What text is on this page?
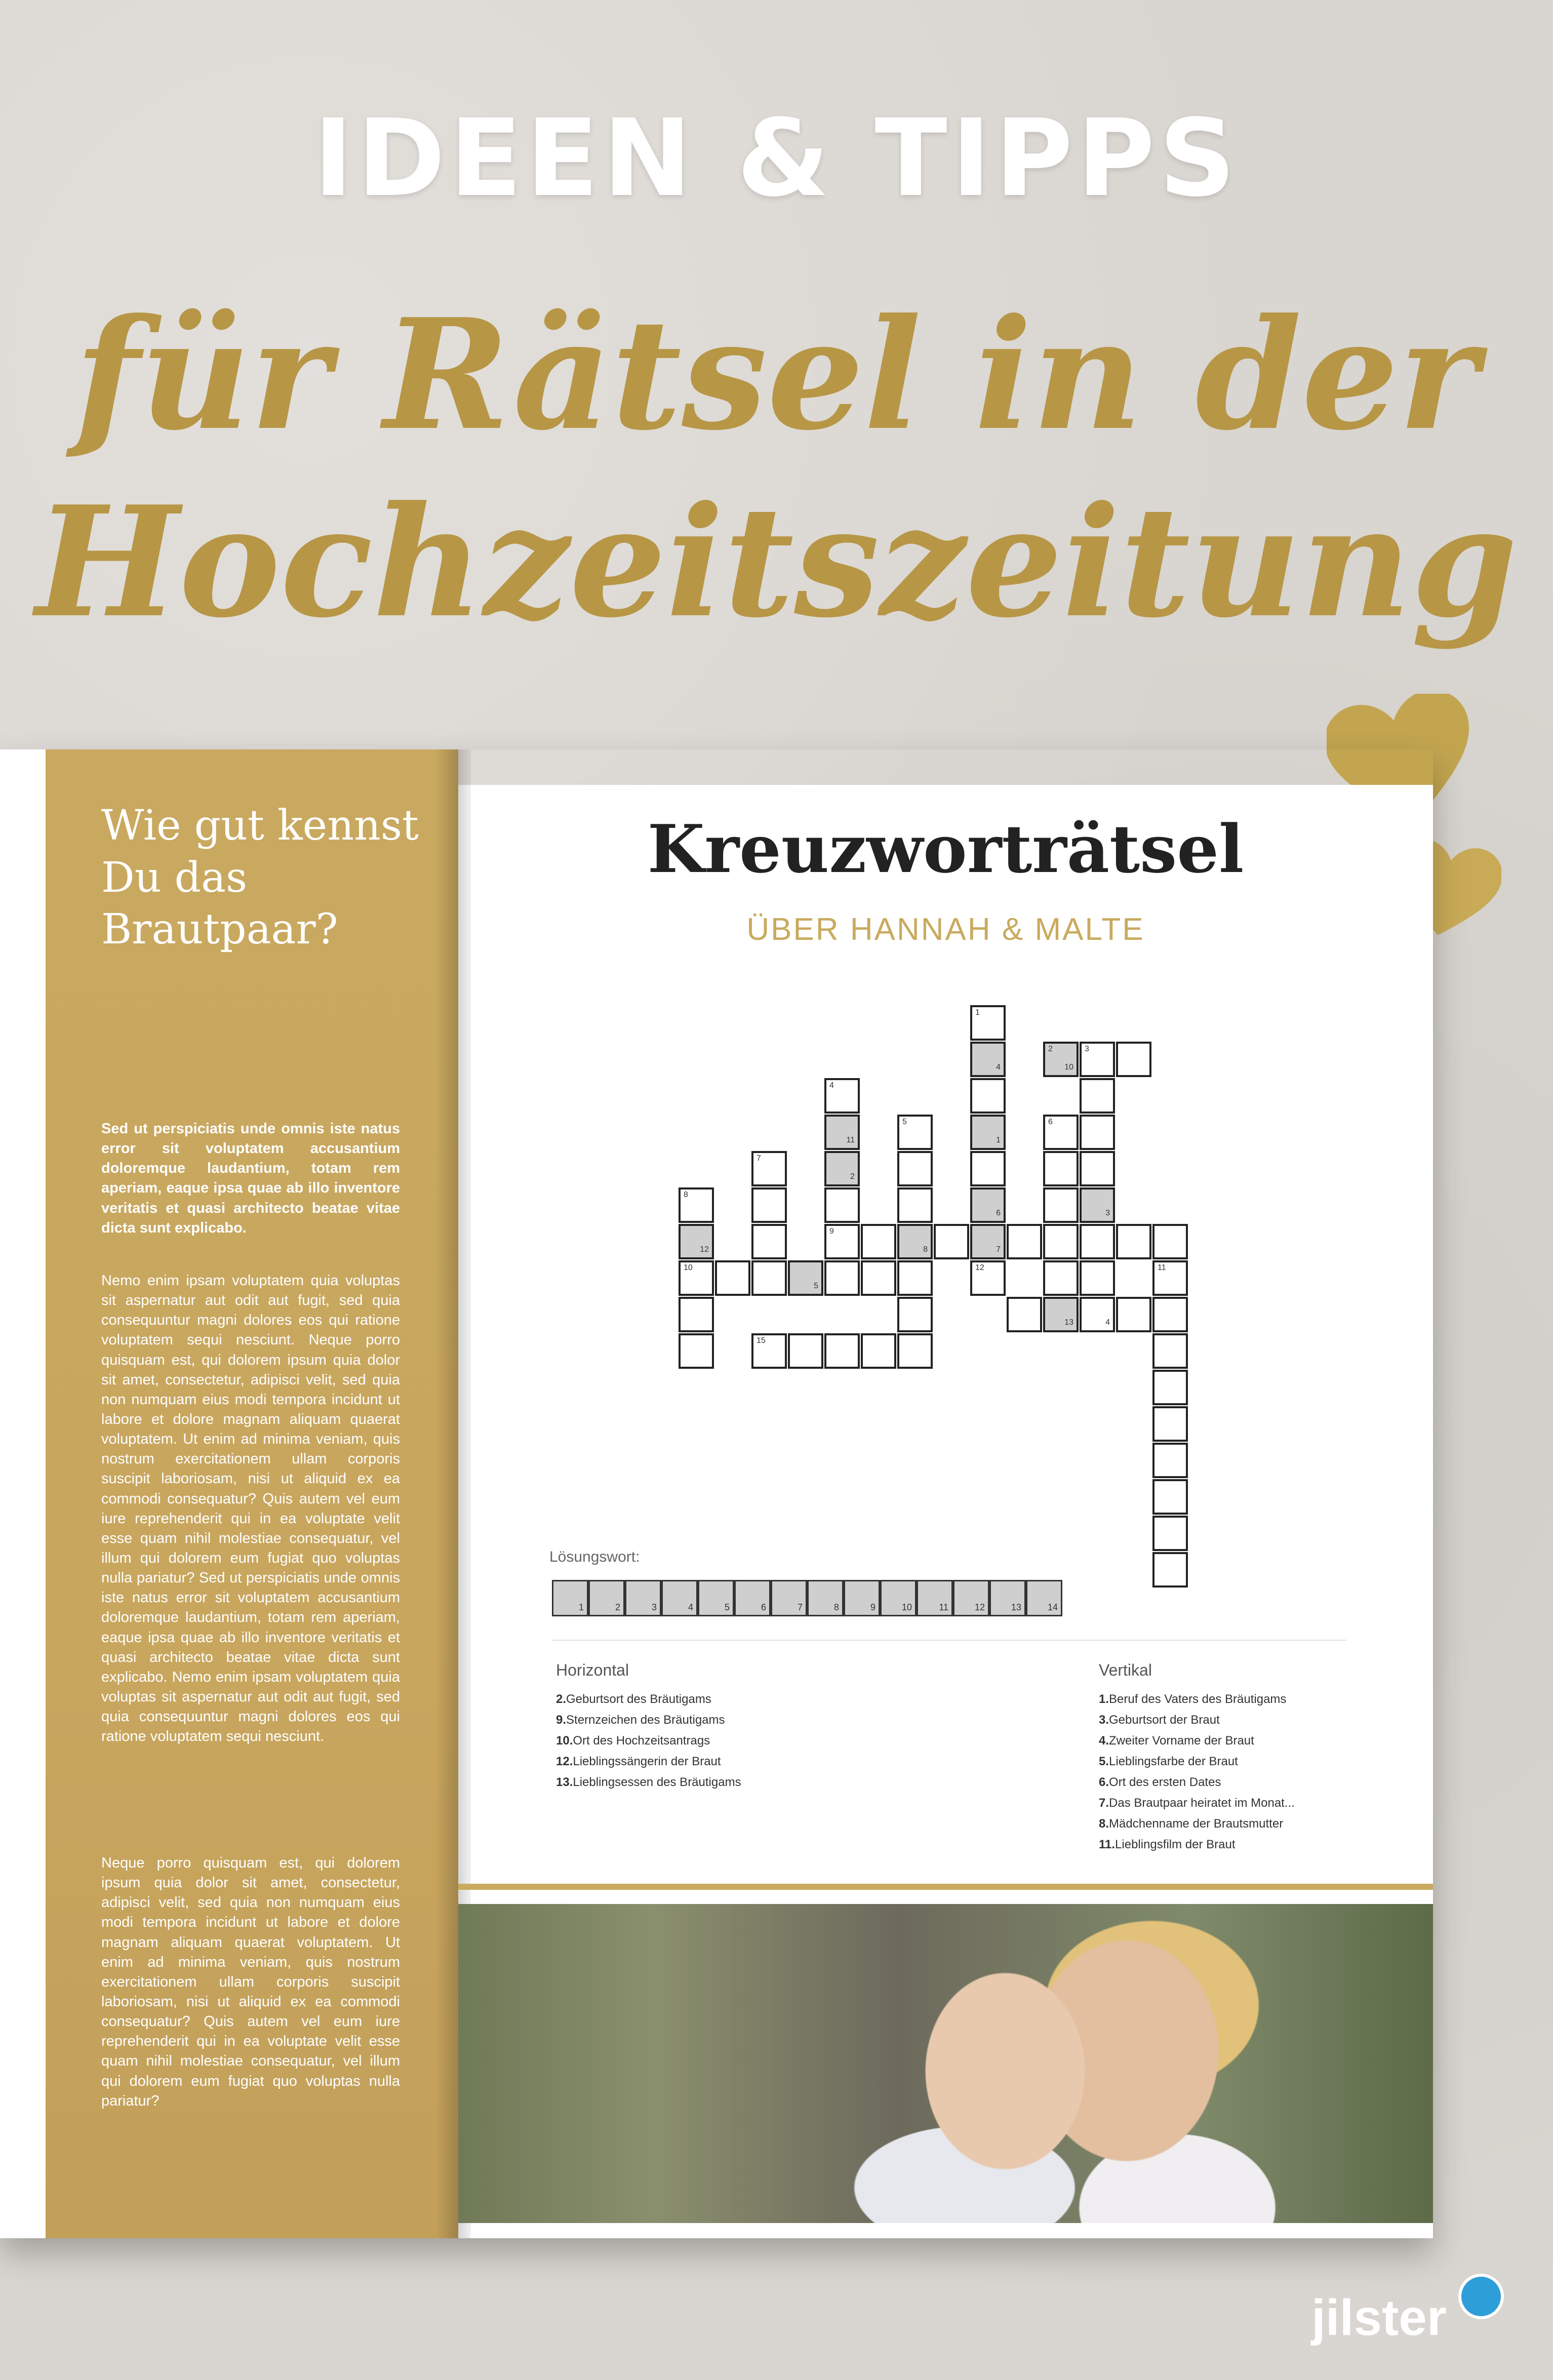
IDEEN & TIPPS
für Rätsel in der
Hochzeitszeitung
Wie gut kennst Du das Brautpaar?
Sed ut perspiciatis unde omnis iste natus error sit voluptatem accusantium doloremque laudantium, totam rem aperiam, eaque ipsa quae ab illo inventore veritatis et quasi architecto beatae vitae dicta sunt explicabo.
Nemo enim ipsam voluptatem quia voluptas sit aspernatur aut odit aut fugit, sed quia consequuntur magni dolores eos qui ratione voluptatem sequi nesciunt. Neque porro quisquam est, qui dolorem ipsum quia dolor sit amet, consectetur, adipisci velit, sed quia non numquam eius modi tempora incidunt ut labore et dolore magnam aliquam quaerat voluptatem. Ut enim ad minima veniam, quis nostrum exercitationem ullam corporis suscipit laboriosam, nisi ut aliquid ex ea commodi consequatur? Quis autem vel eum iure reprehenderit qui in ea voluptate velit esse quam nihil molestiae consequatur, vel illum qui dolorem eum fugiat quo voluptas nulla pariatur? Sed ut perspiciatis unde omnis iste natus error sit voluptatem accusantium doloremque laudantium, totam rem aperiam, eaque ipsa quae ab illo inventore veritatis et quasi architecto beatae vitae dicta sunt explicabo. Nemo enim ipsam voluptatem quia voluptas sit aspernatur aut odit aut fugit, sed quia consequuntur magni dolores eos qui ratione voluptatem sequi nesciunt.
Neque porro quisquam est, qui dolorem ipsum quia dolor sit amet, consectetur, adipisci velit, sed quia non numquam eius modi tempora incidunt ut labore et dolore magnam aliquam quaerat voluptatem. Ut enim ad minima veniam, quis nostrum exercitationem ullam corporis suscipit laboriosam, nisi ut aliquid ex ea commodi consequatur? Quis autem vel eum iure reprehenderit qui in ea voluptate velit esse quam nihil molestiae consequatur, vel illum qui dolorem eum fugiat quo voluptas nulla pariatur?
Kreuzworträtsel
ÜBER HANNAH & MALTE
8
12
10
5
7
4
11
2
9
8	7
5
15
1
4
1
6
12
13	4
2
10
3
6
3
11
Lösungswort:
1	2	3	4	5	6	7	8	9	10	11	12	13	14
Horizontal	Vertikal
2.Geburtsort des Bräutigams
9.Sternzeichen des Bräutigams
10.Ort des Hochzeitsantrags
12.Lieblingssängerin der Braut
13.Lieblingsessen des Bräutigams
1.Beruf des Vaters des Bräutigams
3.Geburtsort der Braut
4.Zweiter Vorname der Braut
5.Lieblingsfarbe der Braut
6.Ort des ersten Dates
7.Das Brautpaar heiratet im Monat...
8.Mädchenname der Brautsmutter
11.Lieblingsfilm der Braut
jilster
